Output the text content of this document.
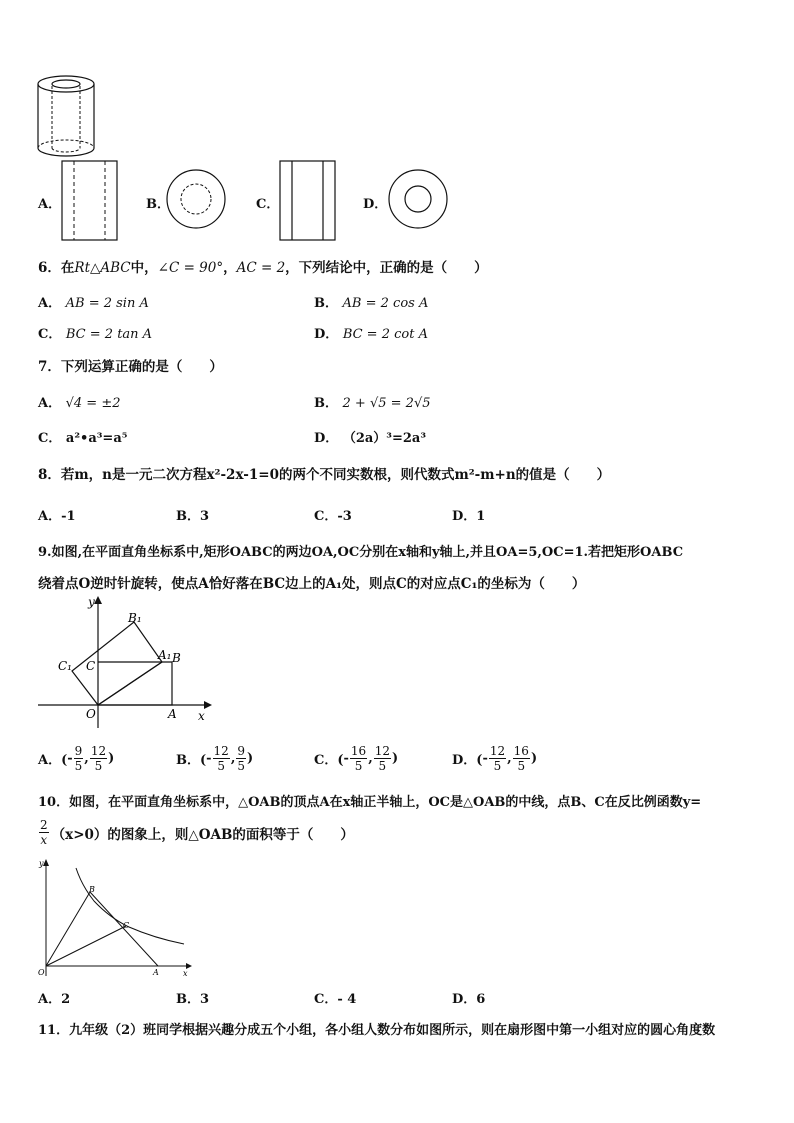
A．	B．	C．	D．
6．在Rt△ABC中，∠C = 90°，AC = 2，下列结论中，正确的是（　　）
A． AB = 2 sin A	B． AB = 2 cos A
C． BC = 2 tan A	D． BC = 2 cot A
7．下列运算正确的是（　　）
A． √4 = ±2	B． 2 + √5 = 2√5
C． a²•a³=a⁵	D． （2a）³=2a³
8．若m，n是一元二次方程x²-2x-1=0的两个不同实数根，则代数式m²-m+n的值是（　　）
A．-1	B．3	C．-3	D．1
9.如图,在平面直角坐标系中,矩形OABC的两边OA,OC分别在x轴和y轴上,并且OA=5,OC=1.若把矩形OABC
绕着点O逆时针旋转，使点A恰好落在BC边上的A₁处，则点C的对应点C₁的坐标为（　　）
y
x
O	A
B
C
A₁
B₁
C₁
A．( - $\frac{9}{5}$ , $\frac{12}{5}$ )	B．( - $\frac{12}{5}$ , $\frac{9}{5}$ )	C．( - $\frac{16}{5}$ , $\frac{12}{5}$ )	D．( - $\frac{12}{5}$ , $\frac{16}{5}$ )
10．如图，在平面直角坐标系中，△OAB的顶点A在x轴正半轴上，OC是△OAB的中线，点B、C在反比例函数y=
$\frac{2}{x} (x>0)$的图象上，则△OAB的面积等于（　　）
y
x
O	A
B
C
A．2	B．3	C．- 4	D．6
11．九年级（2）班同学根据兴趣分成五个小组，各小组人数分布如图所示，则在扇形图中第一小组对应的圆心角度数
